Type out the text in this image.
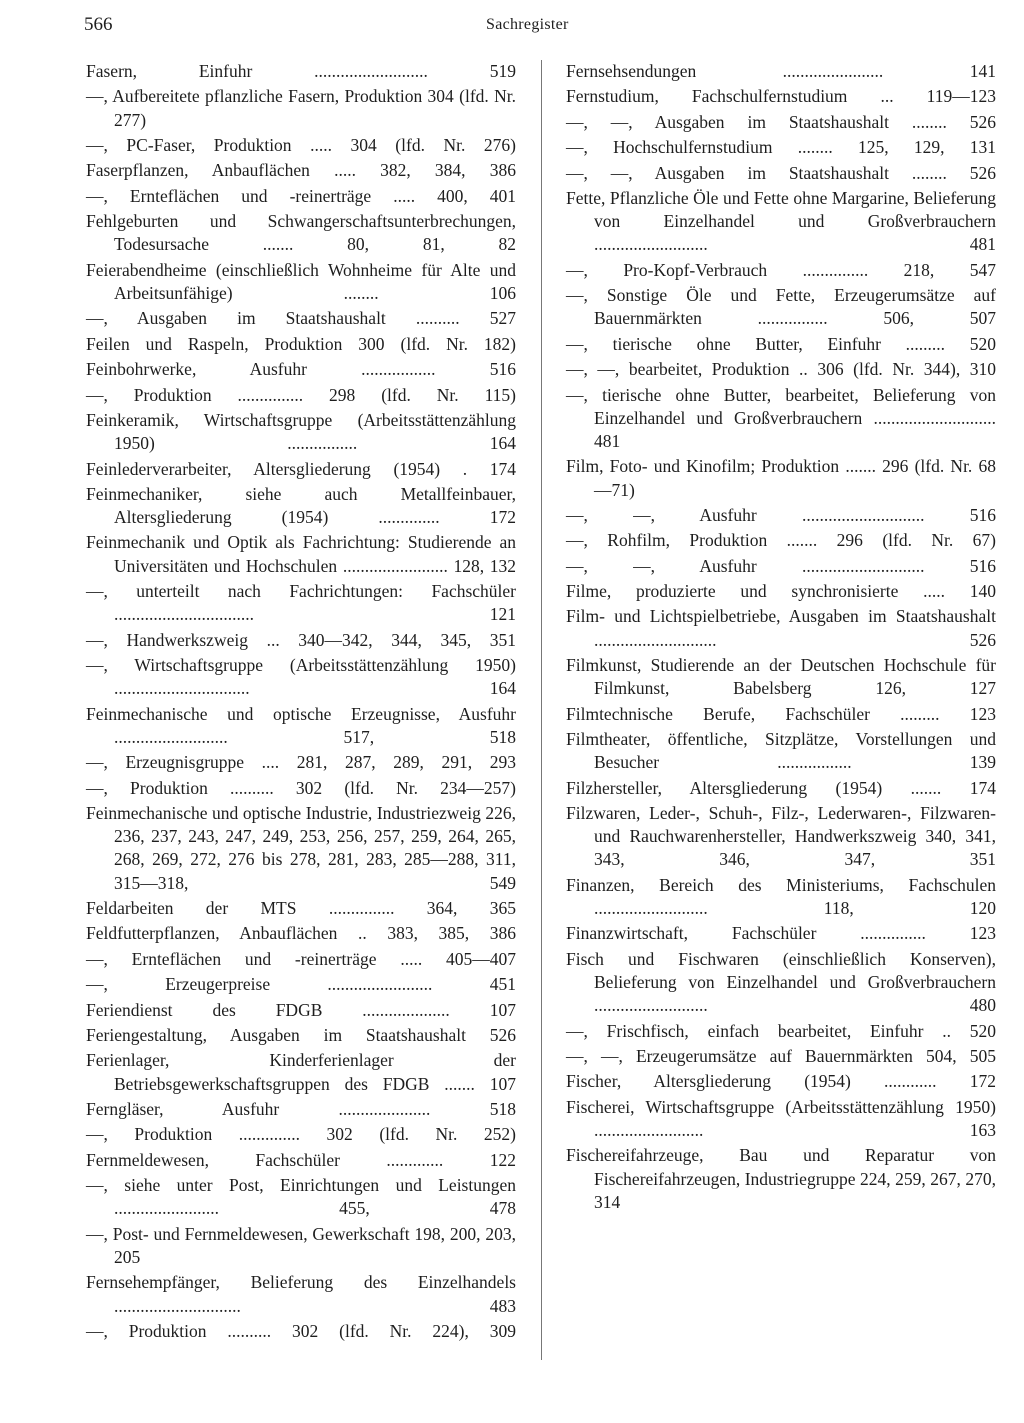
566	Sachregister
Fasern, Einfuhr .......................... 519
—, Aufbereitete pflanzliche Fasern, Produktion 304 (lfd. Nr. 277)
—, PC-Faser, Produktion ..... 304 (lfd. Nr. 276)
Faserpflanzen, Anbauflächen ..... 382, 384, 386
—, Ernteflächen und -reinerträge ..... 400, 401
Fehlgeburten und Schwangerschaftsunterbrechungen, Todesursache ....... 80, 81, 82
Feierabendheime (einschließlich Wohnheime für Alte und Arbeitsunfähige) ........ 106
—, Ausgaben im Staatshaushalt .......... 527
Feilen und Raspeln, Produktion 300 (lfd. Nr. 182)
Feinbohrwerke, Ausfuhr ................. 516
—, Produktion ............... 298 (lfd. Nr. 115)
Feinkeramik, Wirtschaftsgruppe (Arbeitsstättenzählung 1950) ................ 164
Feinlederverarbeiter, Altersgliederung (1954) . 174
Feinmechaniker, siehe auch Metallfeinbauer, Altersgliederung (1954) .............. 172
Feinmechanik und Optik als Fachrichtung: Studierende an Universitäten und Hochschulen ........................ 128, 132
—, unterteilt nach Fachrichtungen: Fachschüler ................................ 121
—, Handwerkszweig ... 340—342, 344, 345, 351
—, Wirtschaftsgruppe (Arbeitsstättenzählung 1950) ............................... 164
Feinmechanische und optische Erzeugnisse, Ausfuhr .......................... 517, 518
—, Erzeugnisgruppe .... 281, 287, 289, 291, 293
—, Produktion .......... 302 (lfd. Nr. 234—257)
Feinmechanische und optische Industrie, Industriezweig 226, 236, 237, 243, 247, 249, 253, 256, 257, 259, 264, 265, 268, 269, 272, 276 bis 278, 281, 283, 285—288, 311, 315—318, 549
Feldarbeiten der MTS ............... 364, 365
Feldfutterpflanzen, Anbauflächen .. 383, 385, 386
—, Ernteflächen und -reinerträge ..... 405—407
—, Erzeugerpreise ........................ 451
Feriendienst des FDGB .................... 107
Feriengestaltung, Ausgaben im Staatshaushalt 526
Ferienlager, Kinderferienlager der Betriebsgewerkschaftsgruppen des FDGB ....... 107
Ferngläser, Ausfuhr ..................... 518
—, Produktion .............. 302 (lfd. Nr. 252)
Fernmeldewesen, Fachschüler ............. 122
—, siehe unter Post, Einrichtungen und Leistungen ........................ 455, 478
—, Post- und Fernmeldewesen, Gewerkschaft 198, 200, 203, 205
Fernsehempfänger, Belieferung des Einzelhandels ............................. 483
—, Produktion .......... 302 (lfd. Nr. 224), 309
Fernsehsendungen ....................... 141
Fernstudium, Fachschulfernstudium ... 119—123
—, —, Ausgaben im Staatshaushalt ........ 526
—, Hochschulfernstudium ........ 125, 129, 131
—, —, Ausgaben im Staatshaushalt ........ 526
Fette, Pflanzliche Öle und Fette ohne Margarine, Belieferung von Einzelhandel und Großverbrauchern .......................... 481
—, Pro-Kopf-Verbrauch ............... 218, 547
—, Sonstige Öle und Fette, Erzeugerumsätze auf Bauernmärkten ................ 506, 507
—, tierische ohne Butter, Einfuhr ......... 520
—, —, bearbeitet, Produktion .. 306 (lfd. Nr. 344), 310
—, tierische ohne Butter, bearbeitet, Belieferung von Einzelhandel und Großverbrauchern ............................ 481
Film, Foto- und Kinofilm; Produktion ....... 296 (lfd. Nr. 68—71)
—, —, Ausfuhr ............................ 516
—, Rohfilm, Produktion ....... 296 (lfd. Nr. 67)
—, —, Ausfuhr ............................ 516
Filme, produzierte und synchronisierte ..... 140
Film- und Lichtspielbetriebe, Ausgaben im Staatshaushalt ............................ 526
Filmkunst, Studierende an der Deutschen Hochschule für Filmkunst, Babelsberg 126, 127
Filmtechnische Berufe, Fachschüler ......... 123
Filmtheater, öffentliche, Sitzplätze, Vorstellungen und Besucher ................. 139
Filzhersteller, Altersgliederung (1954) ....... 174
Filzwaren, Leder-, Schuh-, Filz-, Lederwaren-, Filzwaren- und Rauchwarenhersteller, Handwerkszweig 340, 341, 343, 346, 347, 351
Finanzen, Bereich des Ministeriums, Fachschulen .......................... 118, 120
Finanzwirtschaft, Fachschüler ............... 123
Fisch und Fischwaren (einschließlich Konserven), Belieferung von Einzelhandel und Großverbrauchern .......................... 480
—, Frischfisch, einfach bearbeitet, Einfuhr .. 520
—, —, Erzeugerumsätze auf Bauernmärkten 504, 505
Fischer, Altersgliederung (1954) ............ 172
Fischerei, Wirtschaftsgruppe (Arbeitsstättenzählung 1950) ......................... 163
Fischereifahrzeuge, Bau und Reparatur von Fischereifahrzeugen, Industriegruppe 224, 259, 267, 270, 314
